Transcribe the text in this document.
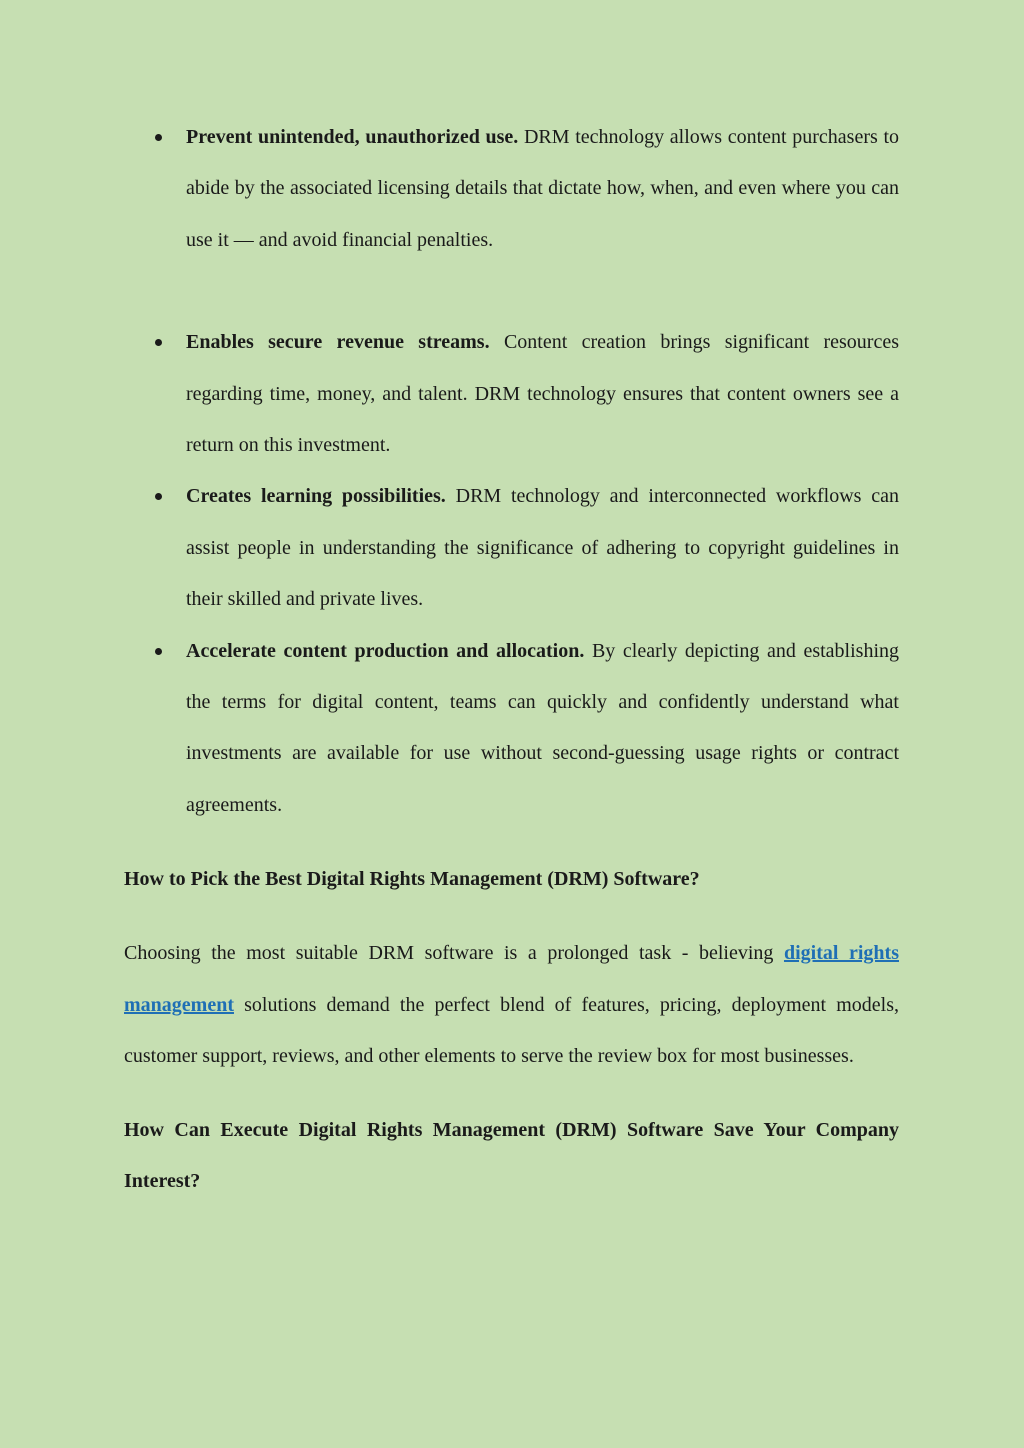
Prevent unintended, unauthorized use. DRM technology allows content purchasers to abide by the associated licensing details that dictate how, when, and even where you can use it — and avoid financial penalties.
Enables secure revenue streams. Content creation brings significant resources regarding time, money, and talent. DRM technology ensures that content owners see a return on this investment.
Creates learning possibilities. DRM technology and interconnected workflows can assist people in understanding the significance of adhering to copyright guidelines in their skilled and private lives.
Accelerate content production and allocation. By clearly depicting and establishing the terms for digital content, teams can quickly and confidently understand what investments are available for use without second-guessing usage rights or contract agreements.
How to Pick the Best Digital Rights Management (DRM) Software?

Choosing the most suitable DRM software is a prolonged task - believing digital rights management solutions demand the perfect blend of features, pricing, deployment models, customer support, reviews, and other elements to serve the review box for most businesses.

How Can Execute Digital Rights Management (DRM) Software Save Your Company Interest?
